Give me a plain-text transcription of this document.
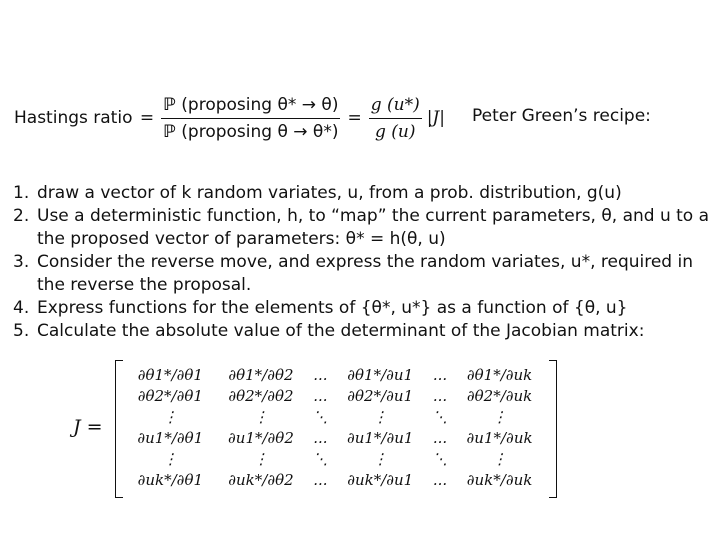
Hastings ratio = $\frac{\text{ℙ (proposing θ* → θ)}}{\text{ℙ (proposing θ → θ*)}} = \frac{g (u*)}{g (u)} |J|$ Peter Green’s recipe:
1. draw a vector of k random variates, u, from a prob. distribution, g(u)
2. Use a deterministic function, h, to “map” the current parameters, θ, and u to a the proposed vector of parameters: θ* = h(θ, u)
3. Consider the reverse move, and express the random variates, u*, required in the reverse the proposal.
4. Express functions for the elements of {θ*, u*} as a function of {θ, u}
5. Calculate the absolute value of the determinant of the Jacobian matrix:
J =
∂θ1*/∂θ1	∂θ1*/∂θ2	...	∂θ1*/∂u1	...	∂θ1*/∂uk
∂θ2*/∂θ1	∂θ2*/∂θ2	...	∂θ2*/∂u1	...	∂θ2*/∂uk
⋮	⋮	⋱	⋮	⋱	⋮
∂u1*/∂θ1	∂u1*/∂θ2	...	∂u1*/∂u1	...	∂u1*/∂uk
⋮	⋮	⋱	⋮	⋱	⋮
∂uk*/∂θ1	∂uk*/∂θ2	...	∂uk*/∂u1	...	∂uk*/∂uk
